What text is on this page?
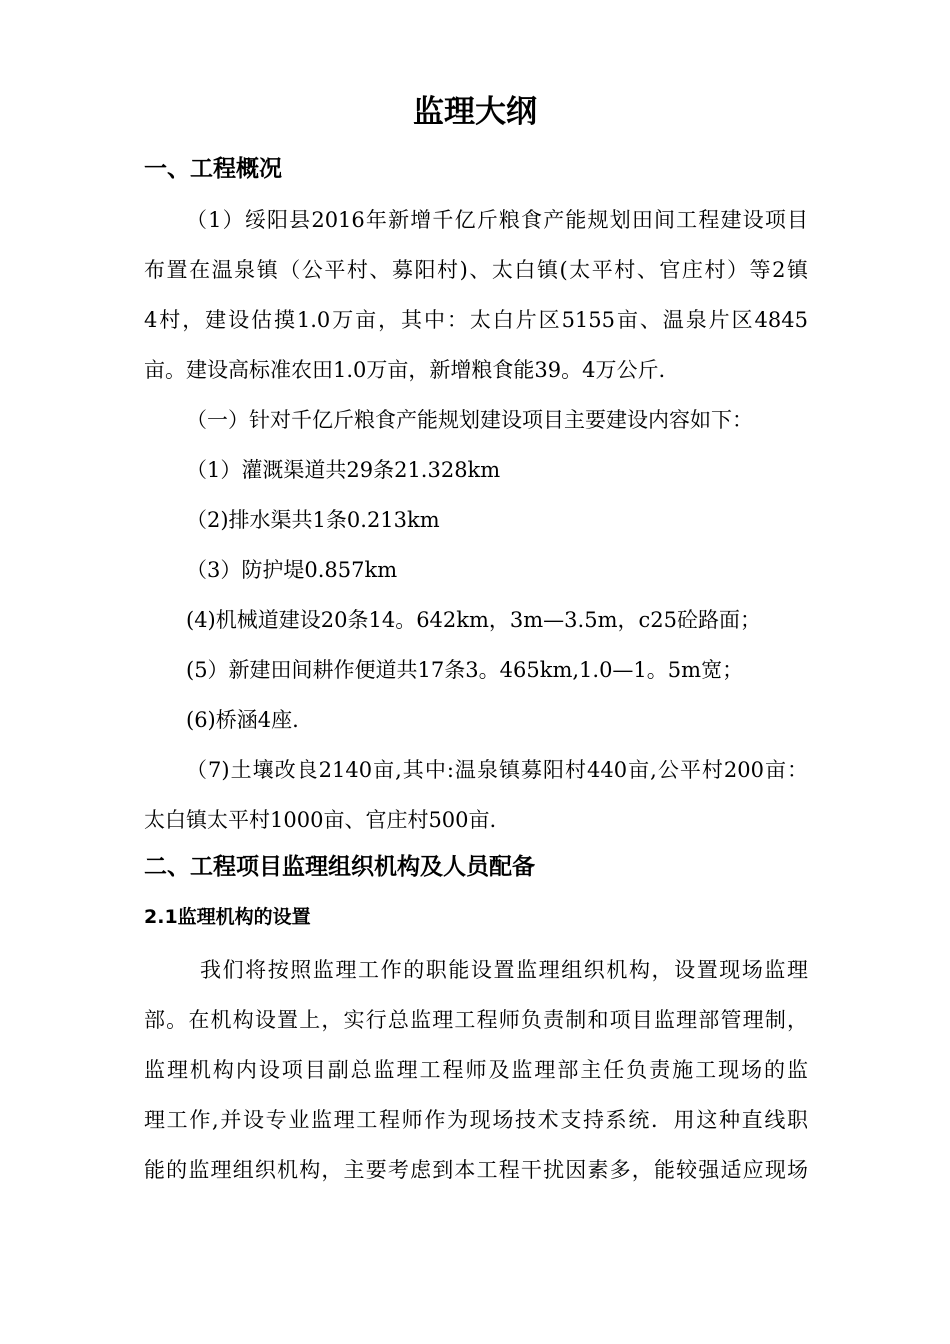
监理大纲
一、工程概况
（1）绥阳县2016年新增千亿斤粮食产能规划田间工程建设项目
布置在温泉镇（公平村、募阳村)、太白镇(太平村、官庄村）等2镇
4村，建设估摸1.0万亩，其中：太白片区5155亩、温泉片区4845
亩。建设高标准农田1.0万亩，新增粮食能39。4万公斤.
（一）针对千亿斤粮食产能规划建设项目主要建设内容如下：
（1）灌溉渠道共29条21.328km
（2)排水渠共1条0.213km
（3）防护堤0.857km
(4)机械道建设20条14。642km，3m—3.5m，c25砼路面；
(5）新建田间耕作便道共17条3。465km,1.0—1。5m宽；
(6)桥涵4座.
（7)土壤改良2140亩,其中:温泉镇募阳村440亩,公平村200亩：
太白镇太平村1000亩、官庄村500亩.
二、工程项目监理组织机构及人员配备
2.1监理机构的设置
我们将按照监理工作的职能设置监理组织机构，设置现场监理
部。在机构设置上，实行总监理工程师负责制和项目监理部管理制，
监理机构内设项目副总监理工程师及监理部主任负责施工现场的监
理工作,并设专业监理工程师作为现场技术支持系统．用这种直线职
能的监理组织机构，主要考虑到本工程干扰因素多，能较强适应现场
